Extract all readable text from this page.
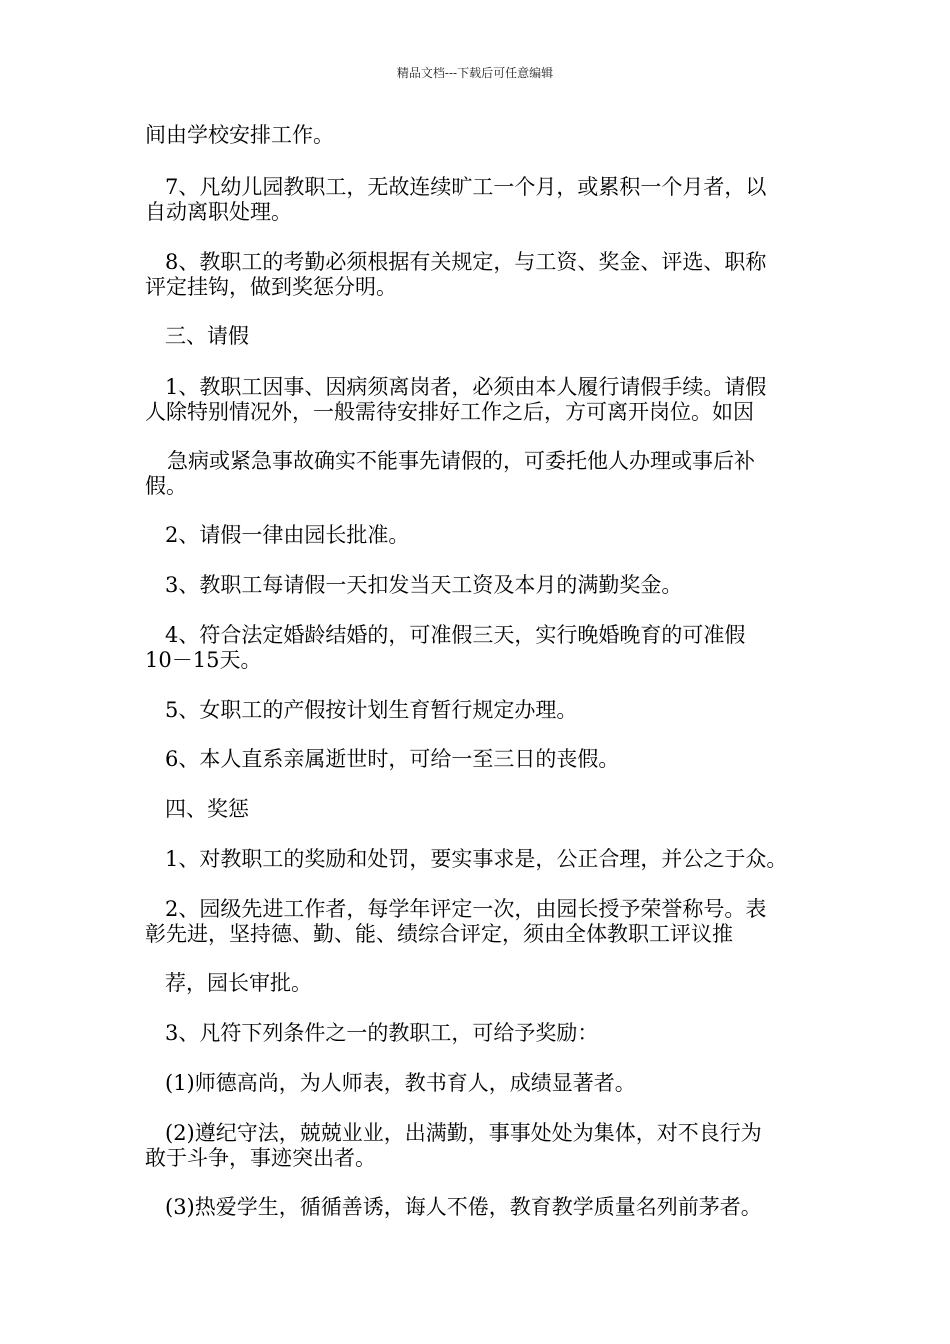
精品文档---下载后可任意编辑
间由学校安排工作。
7、凡幼儿园教职工，无故连续旷工一个月，或累积一个月者，以
自动离职处理。
8、教职工的考勤必须根据有关规定，与工资、奖金、评选、职称
评定挂钩，做到奖惩分明。
三、请假
1、教职工因事、因病须离岗者，必须由本人履行请假手续。请假
人除特别情况外，一般需待安排好工作之后，方可离开岗位。如因
急病或紧急事故确实不能事先请假的，可委托他人办理或事后补
假。
2、请假一律由园长批准。
3、教职工每请假一天扣发当天工资及本月的满勤奖金。
4、符合法定婚龄结婚的，可准假三天，实行晚婚晚育的可准假
10－15天。
5、女职工的产假按计划生育暂行规定办理。
6、本人直系亲属逝世时，可给一至三日的丧假。
四、奖惩
1、对教职工的奖励和处罚，要实事求是，公正合理，并公之于众。
2、园级先进工作者，每学年评定一次，由园长授予荣誉称号。表
彰先进，坚持德、勤、能、绩综合评定，须由全体教职工评议推
荐，园长审批。
3、凡符下列条件之一的教职工，可给予奖励：
(1)师德高尚，为人师表，教书育人，成绩显著者。
(2)遵纪守法，兢兢业业，出满勤，事事处处为集体，对不良行为
敢于斗争，事迹突出者。
(3)热爱学生，循循善诱，诲人不倦，教育教学质量名列前茅者。
